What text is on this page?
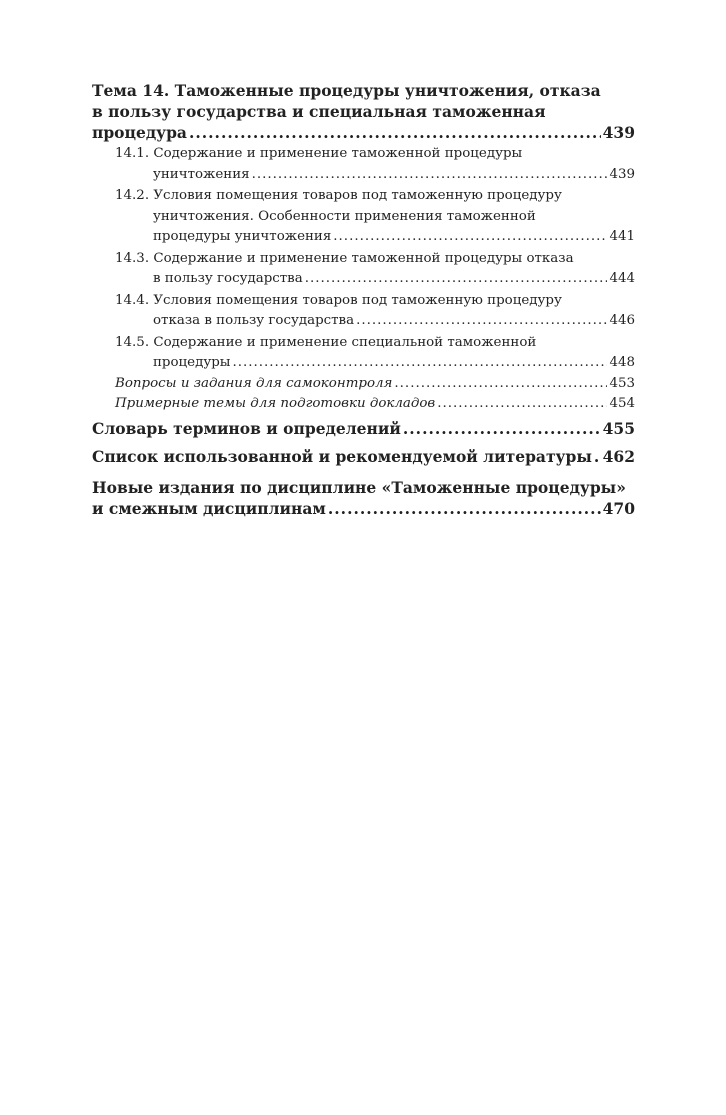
Тема 14. Таможенные процедуры уничтожения, отказа
в пользу государства и специальная таможенная
процедура .....	439
14.1. Содержание и применение таможенной процедуры
уничтожения .....	439
14.2. Условия помещения товаров под таможенную процедуру
уничтожения. Особенности применения таможенной
процедуры уничтожения .....	441
14.3. Содержание и применение таможенной процедуры отказа
в пользу государства .....	444
14.4. Условия помещения товаров под таможенную процедуру
отказа в пользу государства .....	446
14.5. Содержание и применение специальной таможенной
процедуры .....	448
Вопросы и задания для самоконтроля .....	453
Примерные темы для подготовки докладов .....	454
Словарь терминов и определений .....	455
Список использованной и рекомендуемой литературы ..... 462
Новые издания по дисциплине «Таможенные процедуры»
и смежным дисциплинам .....	470
